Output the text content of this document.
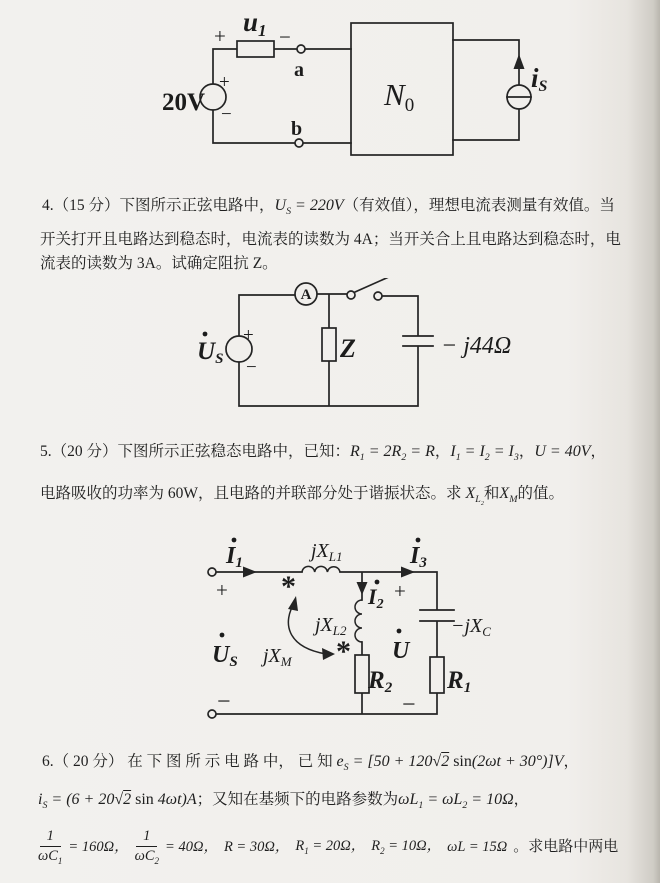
u1
+	−
20V
+
−
a
b
N0
iS
4.（15 分）下图所示正弦电路中，$U_S = 220V$（有效值），理想电流表测量有效值。当
开关打开且电路达到稳态时，电流表的读数为 4A；当开关合上且电路达到稳态时，电
流表的读数为 3A。试确定阻抗 Z。
A
US
+
−
Z	− j44Ω
5.（20 分）下图所示正弦稳态电路中，已知：$R_1 = 2R_2 = R$，$I_1 = I_2 = I_3$，U = 40V，
电路吸收的功率为 60W，且电路的并联部分处于谐振状态。求 $X_{L_2}$和$X_M$的值。
I1
+ *
$jX_{L1}$
I2
$jX_{L2}$
$jX_M$ *
US
I3
+
$-jX_C$
U
R2 R1
−
−
6.（ 20 分） 在 下 图 所 示 电 路 中， 已 知 $e_S = [50 + 120√2$ sin(2ωt + 30°)]V，
$i_S = (6 + 20√2$ sin 4ωt)A；又知在基频下的电路参数为$\omega L_1 = \omega L_2 = 10\Omega$，
$\frac{1}{\omega C_1} = 160\Omega$， $\frac{1}{\omega C_2} = 40\Omega$， R = 30Ω， $R_1 = 20\Omega$， $R_2 = 10\Omega$， ωL = 15Ω 。求电路中两电
